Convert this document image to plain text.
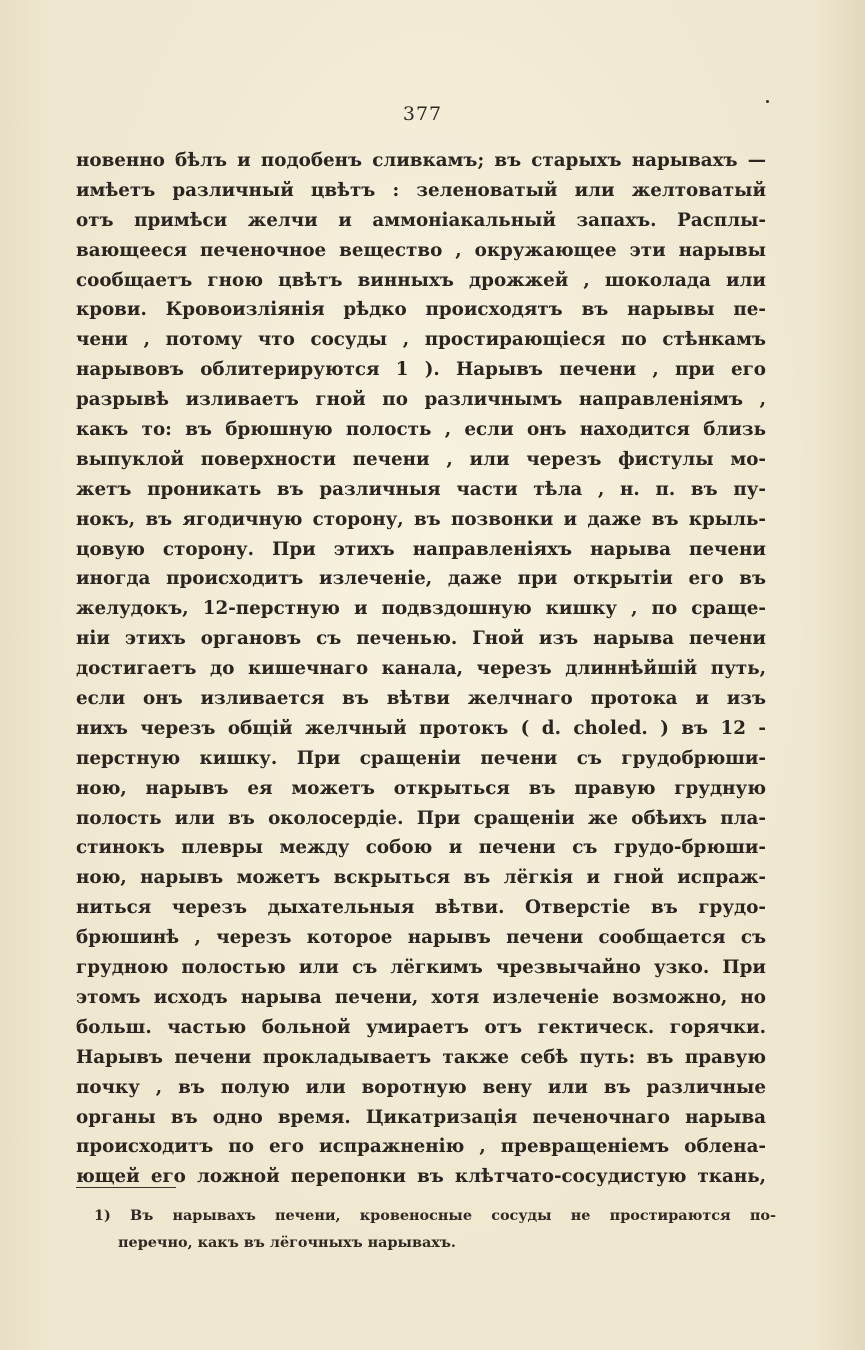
377
новенно бѣлъ и подобенъ сливкамъ; въ старыхъ нарывахъ —
имѣетъ различный цвѣтъ : зеленоватый или желтоватый
отъ примѣси желчи и аммоніакальный запахъ. Расплы-
вающееся печеночное вещество , окружающее эти нарывы
сообщаетъ гною цвѣтъ винныхъ дрожжей , шоколада или
крови. Кровоизліянія рѣдко происходятъ въ нарывы пе-
чени , потому что сосуды , простирающіеся по стѣнкамъ
нарывовъ облитерируются 1 ). Нарывъ печени , при его
разрывѣ изливаетъ гной по различнымъ направленіямъ ,
какъ то: въ брюшную полость , если онъ находится близь
выпуклой поверхности печени , или черезъ фистулы мо-
жетъ проникать въ различныя части тѣла , н. п. въ пу-
нокъ, въ ягодичную сторону, въ позвонки и даже въ крыль-
цовую сторону. При этихъ направленіяхъ нарыва печени
иногда происходитъ излеченіе, даже при открытіи его въ
желудокъ, 12-перстную и подвздошную кишку , по сраще-
ніи этихъ органовъ съ печенью. Гной изъ нарыва печени
достигаетъ до кишечнаго канала, черезъ длиннѣйшій путь,
если онъ изливается въ вѣтви желчнаго протока и изъ
нихъ черезъ общій желчный протокъ ( d. choled. ) въ 12 -
перстную кишку. При сращеніи печени съ грудобрюши-
ною, нарывъ ея можетъ открыться въ правую грудную
полость или въ околосердіе. При сращеніи же обѣихъ пла-
стинокъ плевры между собою и печени съ грудо-брюши-
ною, нарывъ можетъ вскрыться въ лёгкія и гной испраж-
ниться черезъ дыхательныя вѣтви. Отверстіе въ грудо-
брюшинѣ , черезъ которое нарывъ печени сообщается съ
грудною полостью или съ лёгкимъ чрезвычайно узко. При
этомъ исходъ нарыва печени, хотя излеченіе возможно, но
больш. частью больной умираетъ отъ гектическ. горячки.
Нарывъ печени прокладываетъ также себѣ путь: въ правую
почку , въ полую или воротную вену или въ различные
органы въ одно время. Цикатризація печеночнаго нарыва
происходитъ по его испражненію , превращеніемъ облена-
ющей его ложной перепонки въ клѣтчато-сосудистую ткань,
1) Въ нарывахъ печени, кровеносные сосуды не простираются по-
перечно, какъ въ лёгочныхъ нарывахъ.
